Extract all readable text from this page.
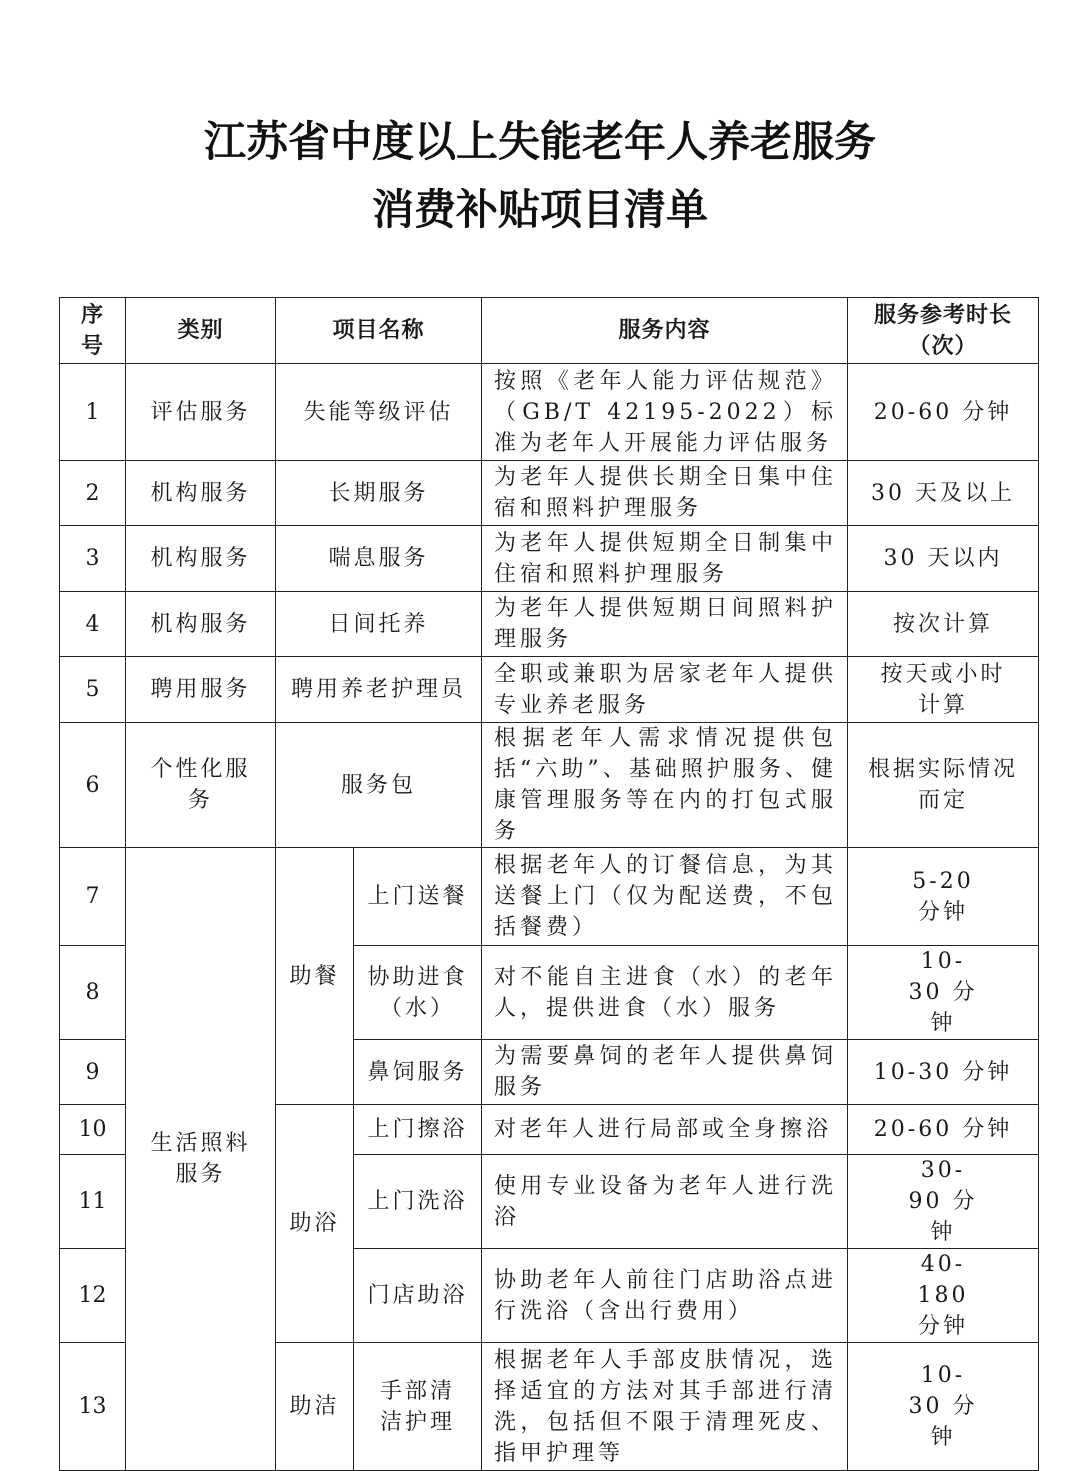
江苏省中度以上失能老年人养老服务
消费补贴项目清单
序号	类别	项目名称		服务内容	服务参考时长（次）
1	评估服务	失能等级评估		按照《老年人能力评估规范》（GB/T 42195-2022）标准为老年人开展能力评估服务	20-60 分钟
2	机构服务	长期服务		为老年人提供长期全日集中住宿和照料护理服务	30 天及以上
3	机构服务	喘息服务		为老年人提供短期全日制集中住宿和照料护理服务	30 天以内
4	机构服务	日间托养		为老年人提供短期日间照料护理服务	按次计算
5	聘用服务	聘用养老护理员		全职或兼职为居家老年人提供专业养老服务	按天或小时计算
6	个性化服务	服务包		根据老年人需求情况提供包括“六助”、基础照护服务、健康管理服务等在内的打包式服务	根据实际情况而定
7	生活照料服务	助餐	上门送餐	根据老年人的订餐信息，为其送餐上门（仅为配送费，不包括餐费）	5-20 分钟
8			协助进食（水）	对不能自主进食（水）的老年人，提供进食（水）服务	10-30 分钟
9			鼻饲服务	为需要鼻饲的老年人提供鼻饲服务	10-30 分钟
10		助浴	上门擦浴	对老年人进行局部或全身擦浴	20-60 分钟
11			上门洗浴	使用专业设备为老年人进行洗浴	30-90 分钟
12			门店助浴	协助老年人前往门店助浴点进行洗浴（含出行费用）	40-180 分钟
13		助洁	手部清洁护理	根据老年人手部皮肤情况，选择适宜的方法对其手部进行清洗，包括但不限于清理死皮、指甲护理等	10-30 分钟
